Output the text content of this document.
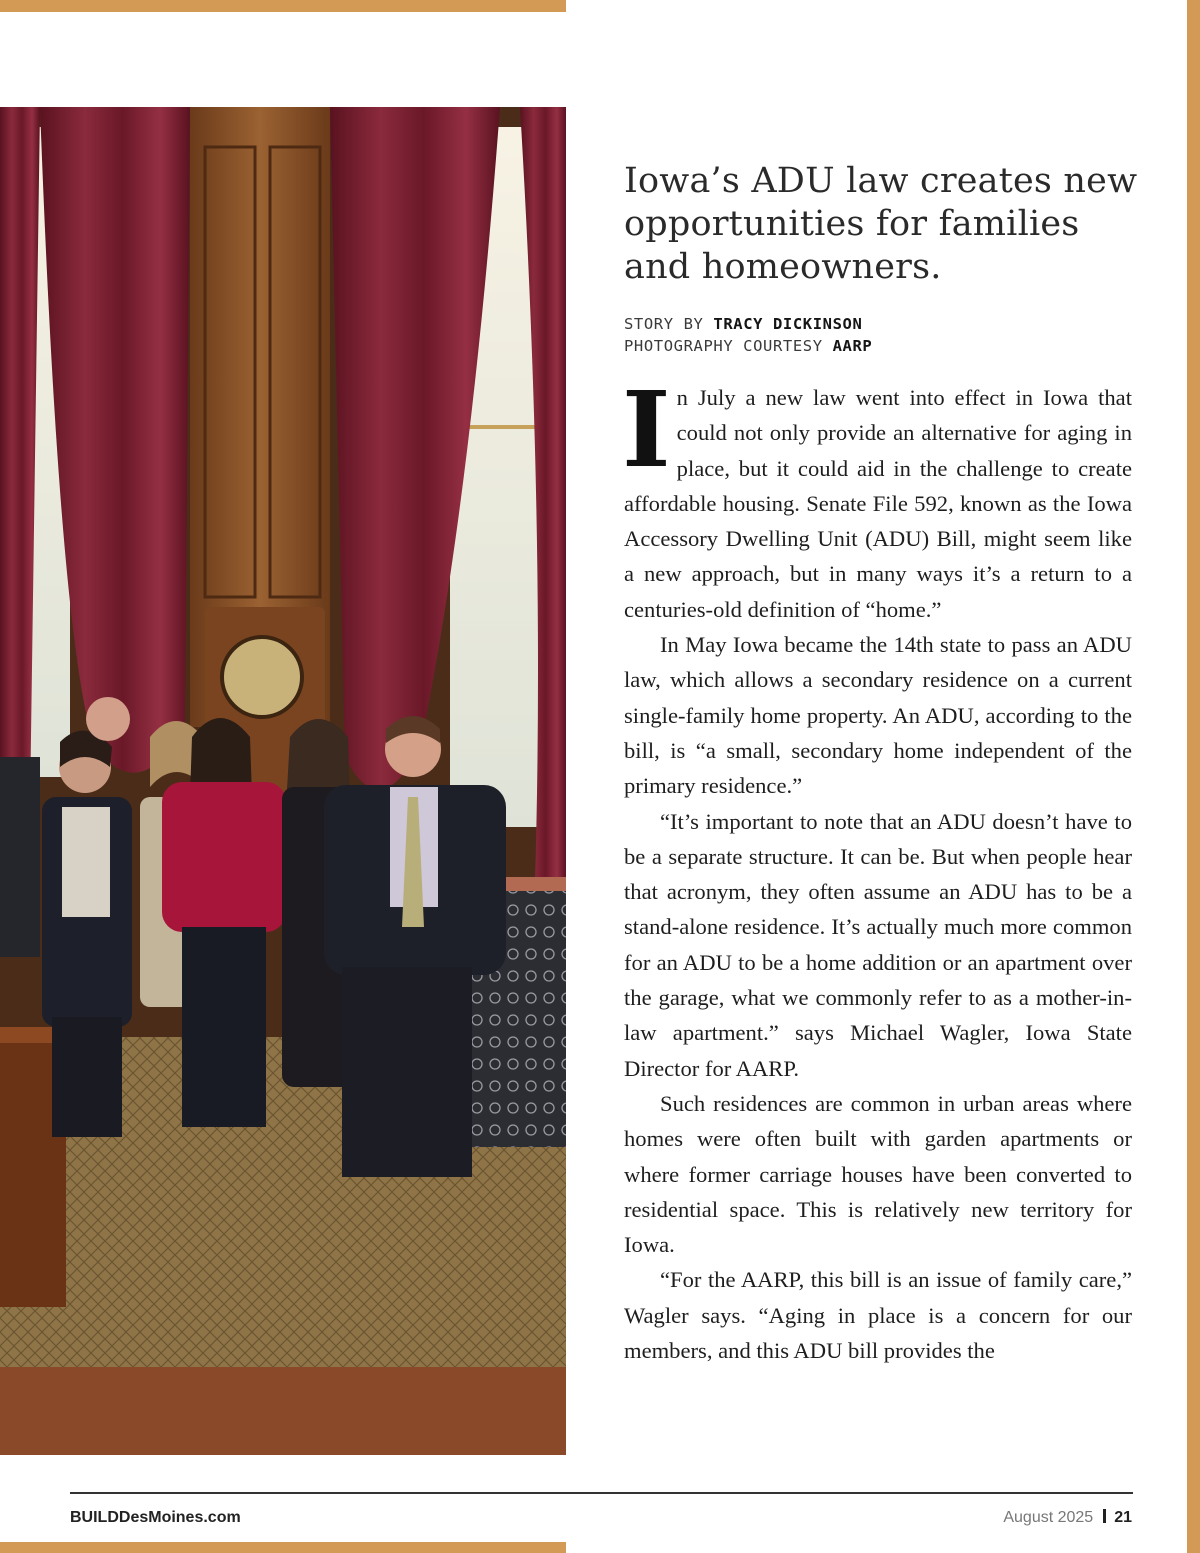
Iowa’s ADU law creates new opportunities for families and homeowners.
STORY BY TRACY DICKINSON
PHOTOGRAPHY COURTESY AARP

In July a new law went into effect in Iowa that could not only provide an alternative for aging in place, but it could aid in the challenge to create affordable housing. Senate File 592, known as the Iowa Accessory Dwelling Unit (ADU) Bill, might seem like a new approach, but in many ways it’s a return to a centuries-old definition of “home.”

In May Iowa became the 14th state to pass an ADU law, which allows a secondary residence on a current single-family home property. An ADU, according to the bill, is “a small, secondary home independent of the primary residence.”

“It’s important to note that an ADU doesn’t have to be a separate structure. It can be. But when people hear that acronym, they often assume an ADU has to be a stand-alone residence. It’s actually much more common for an ADU to be a home addition or an apartment over the garage, what we commonly refer to as a mother-in-law apartment.” says Michael Wagler, Iowa State Director for AARP.

Such residences are common in urban areas where homes were often built with garden apartments or where former carriage houses have been converted to residential space. This is relatively new territory for Iowa.

“For the AARP, this bill is an issue of family care,” Wagler says. “Aging in place is a concern for our members, and this ADU bill provides the

BUILDDesMoines.com	August 2025 21
